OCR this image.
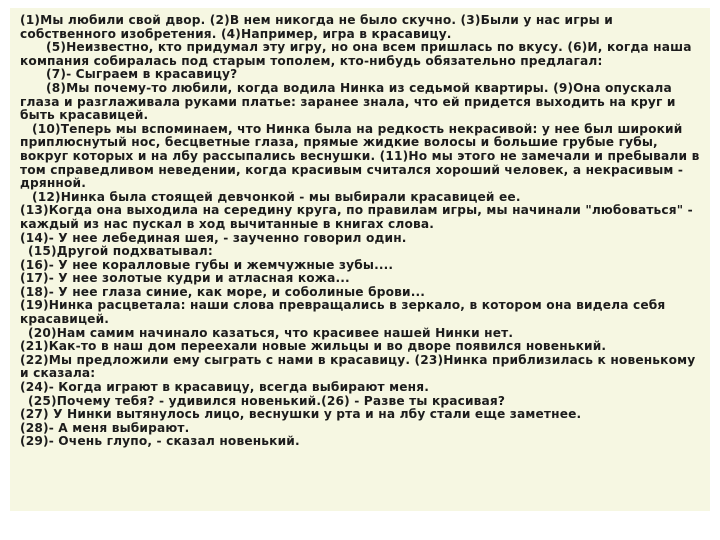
(1)Мы любили свой двор. (2)В нем никогда не было скучно. (3)Были у нас игры и собственного изобретения. (4)Например, игра в красавицу.

(5)Неизвестно, кто придумал эту игру, но она всем пришлась по вкусу. (6)И, когда наша компания собиралась под старым тополем, кто-нибудь обязательно предлагал:

(7)- Сыграем в красавицу?

(8)Мы почему-то любили, когда водила Нинка из седьмой квартиры. (9)Она опускала глаза и разглаживала руками платье: заранее знала, что ей придется выходить на круг и быть красавицей.

(10)Теперь мы вспоминаем, что Нинка была на редкость некрасивой: у нее был широкий приплюснутый нос, бесцветные глаза, прямые жидкие волосы и большие грубые губы, вокруг которых и на лбу рассыпались веснушки. (11)Но мы этого не замечали и пребывали в том справедливом неведении, когда красивым считался хороший человек, а некрасивым - дрянной.

(12)Нинка была стоящей девчонкой - мы выбирали красавицей ее.

(13)Когда она выходила на середину круга, по правилам игры, мы начинали "любоваться" - каждый из нас пускал в ход вычитанные в книгах слова.

(14)- У нее лебединая шея, - заученно говорил один.

(15)Другой подхватывал:

(16)- У нее коралловые губы и жемчужные зубы....

(17)- У нее золотые кудри и атласная кожа...

(18)- У нее глаза синие, как море, и соболиные брови...

(19)Нинка расцветала: наши слова превращались в зеркало, в котором она видела себя красавицей.

(20)Нам самим начинало казаться, что красивее нашей Нинки нет.

(21)Как-то в наш дом переехали новые жильцы и во дворе появился новенький.

(22)Мы предложили ему сыграть с нами в красавицу. (23)Нинка приблизилась к новенькому и сказала:

(24)- Когда играют в красавицу, всегда выбирают меня.

(25)Почему тебя? - удивился новенький.(26) - Разве ты красивая?

(27) У Нинки вытянулось лицо, веснушки у рта и на лбу стали еще заметнее.

(28)- А меня выбирают.

(29)- Очень глупо, - сказал новенький.
